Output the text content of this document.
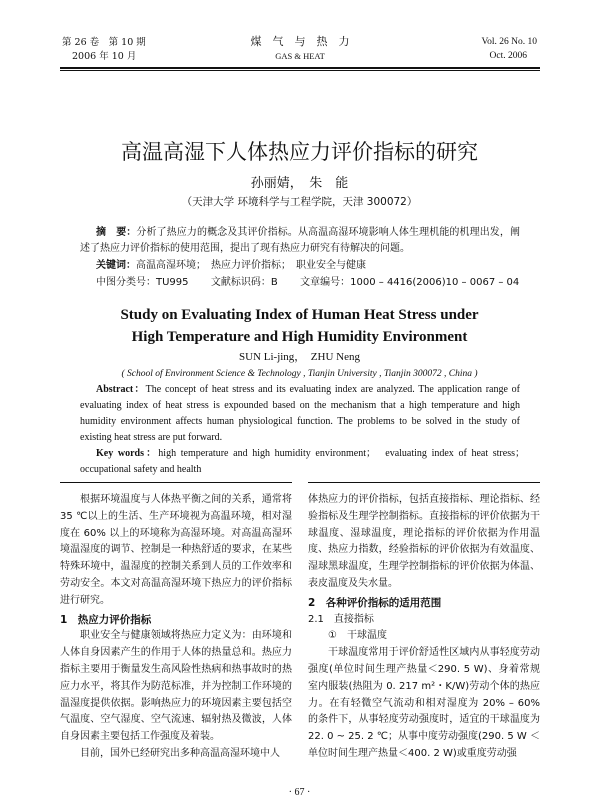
第 26 卷　第 10 期
2006 年 10 月
煤　气　与　热　力
GAS & HEAT
Vol. 26 No. 10
Oct. 2006
高温高湿下人体热应力评价指标的研究
孙丽婧，　朱　能
（天津大学 环境科学与工程学院，天津 300072）
摘　要：分析了热应力的概念及其评价指标。从高温高湿环境影响人体生理机能的机理出发，阐述了热应力评价指标的使用范围，提出了现有热应力研究有待解决的问题。
关键词：高温高湿环境；　热应力评价指标；　职业安全与健康
中图分类号：TU995 文献标识码：B 文章编号：1000 – 4416(2006)10 – 0067 – 04
Study on Evaluating Index of Human Heat Stress under
High Temperature and High Humidity Environment
SUN Li-jing，　ZHU Neng
( School of Environment Science & Technology , Tianjin University , Tianjin 300072 , China )
Abstract：The concept of heat stress and its evaluating index are analyzed. The application range of evaluating index of heat stress is expounded based on the mechanism that a high temperature and high humidity environment affects human physiological function. The problems to be solved in the study of existing heat stress are put forward.
Key words：high temperature and high humidity environment；　evaluating index of heat stress；　occupational safety and health

根据环境温度与人体热平衡之间的关系，通常将 35 ℃以上的生活、生产环境视为高温环境，相对湿度在 60% 以上的环境称为高湿环境。对高温高湿环境温湿度的调节、控制是一种热舒适的要求，在某些特殊环境中，温湿度的控制关系到人员的工作效率和劳动安全。本文对高温高湿环境下热应力的评价指标进行研究。

1　热应力评价指标

职业安全与健康领域将热应力定义为：由环境和人体自身因素产生的作用于人体的热量总和。热应力指标主要用于衡量发生高风险性热病和热事故时的热应力水平，将其作为防范标准，并为控制工作环境的温湿度提供依据。影响热应力的环境因素主要包括空气温度、空气湿度、空气流速、辐射热及微波，人体自身因素主要包括工作强度及着装。

目前，国外已经研究出多种高温高湿环境中人

体热应力的评价指标，包括直接指标、理论指标、经验指标及生理学控制指标。直接指标的评价依据为干球温度、湿球温度，理论指标的评价依据为作用温度、热应力指数，经验指标的评价依据为有效温度、湿球黑球温度，生理学控制指标的评价依据为体温、表皮温度及失水量。

2　各种评价指标的适用范围

2.1　直接指标

①　干球温度

干球温度常用于评价舒适性区域内从事轻度劳动强度(单位时间生理产热量＜290. 5 W)、身着常规室内服装(热阻为 0. 217 m²・K/W)劳动个体的热应力。在有轻微空气流动和相对湿度为 20% – 60% 的条件下，从事轻度劳动强度时，适宜的干球温度为 22. 0 ~ 25. 2 ℃；从事中度劳动强度(290. 5 W ＜单位时间生理产热量＜400. 2 W)或重度劳动强

· 67 ·
